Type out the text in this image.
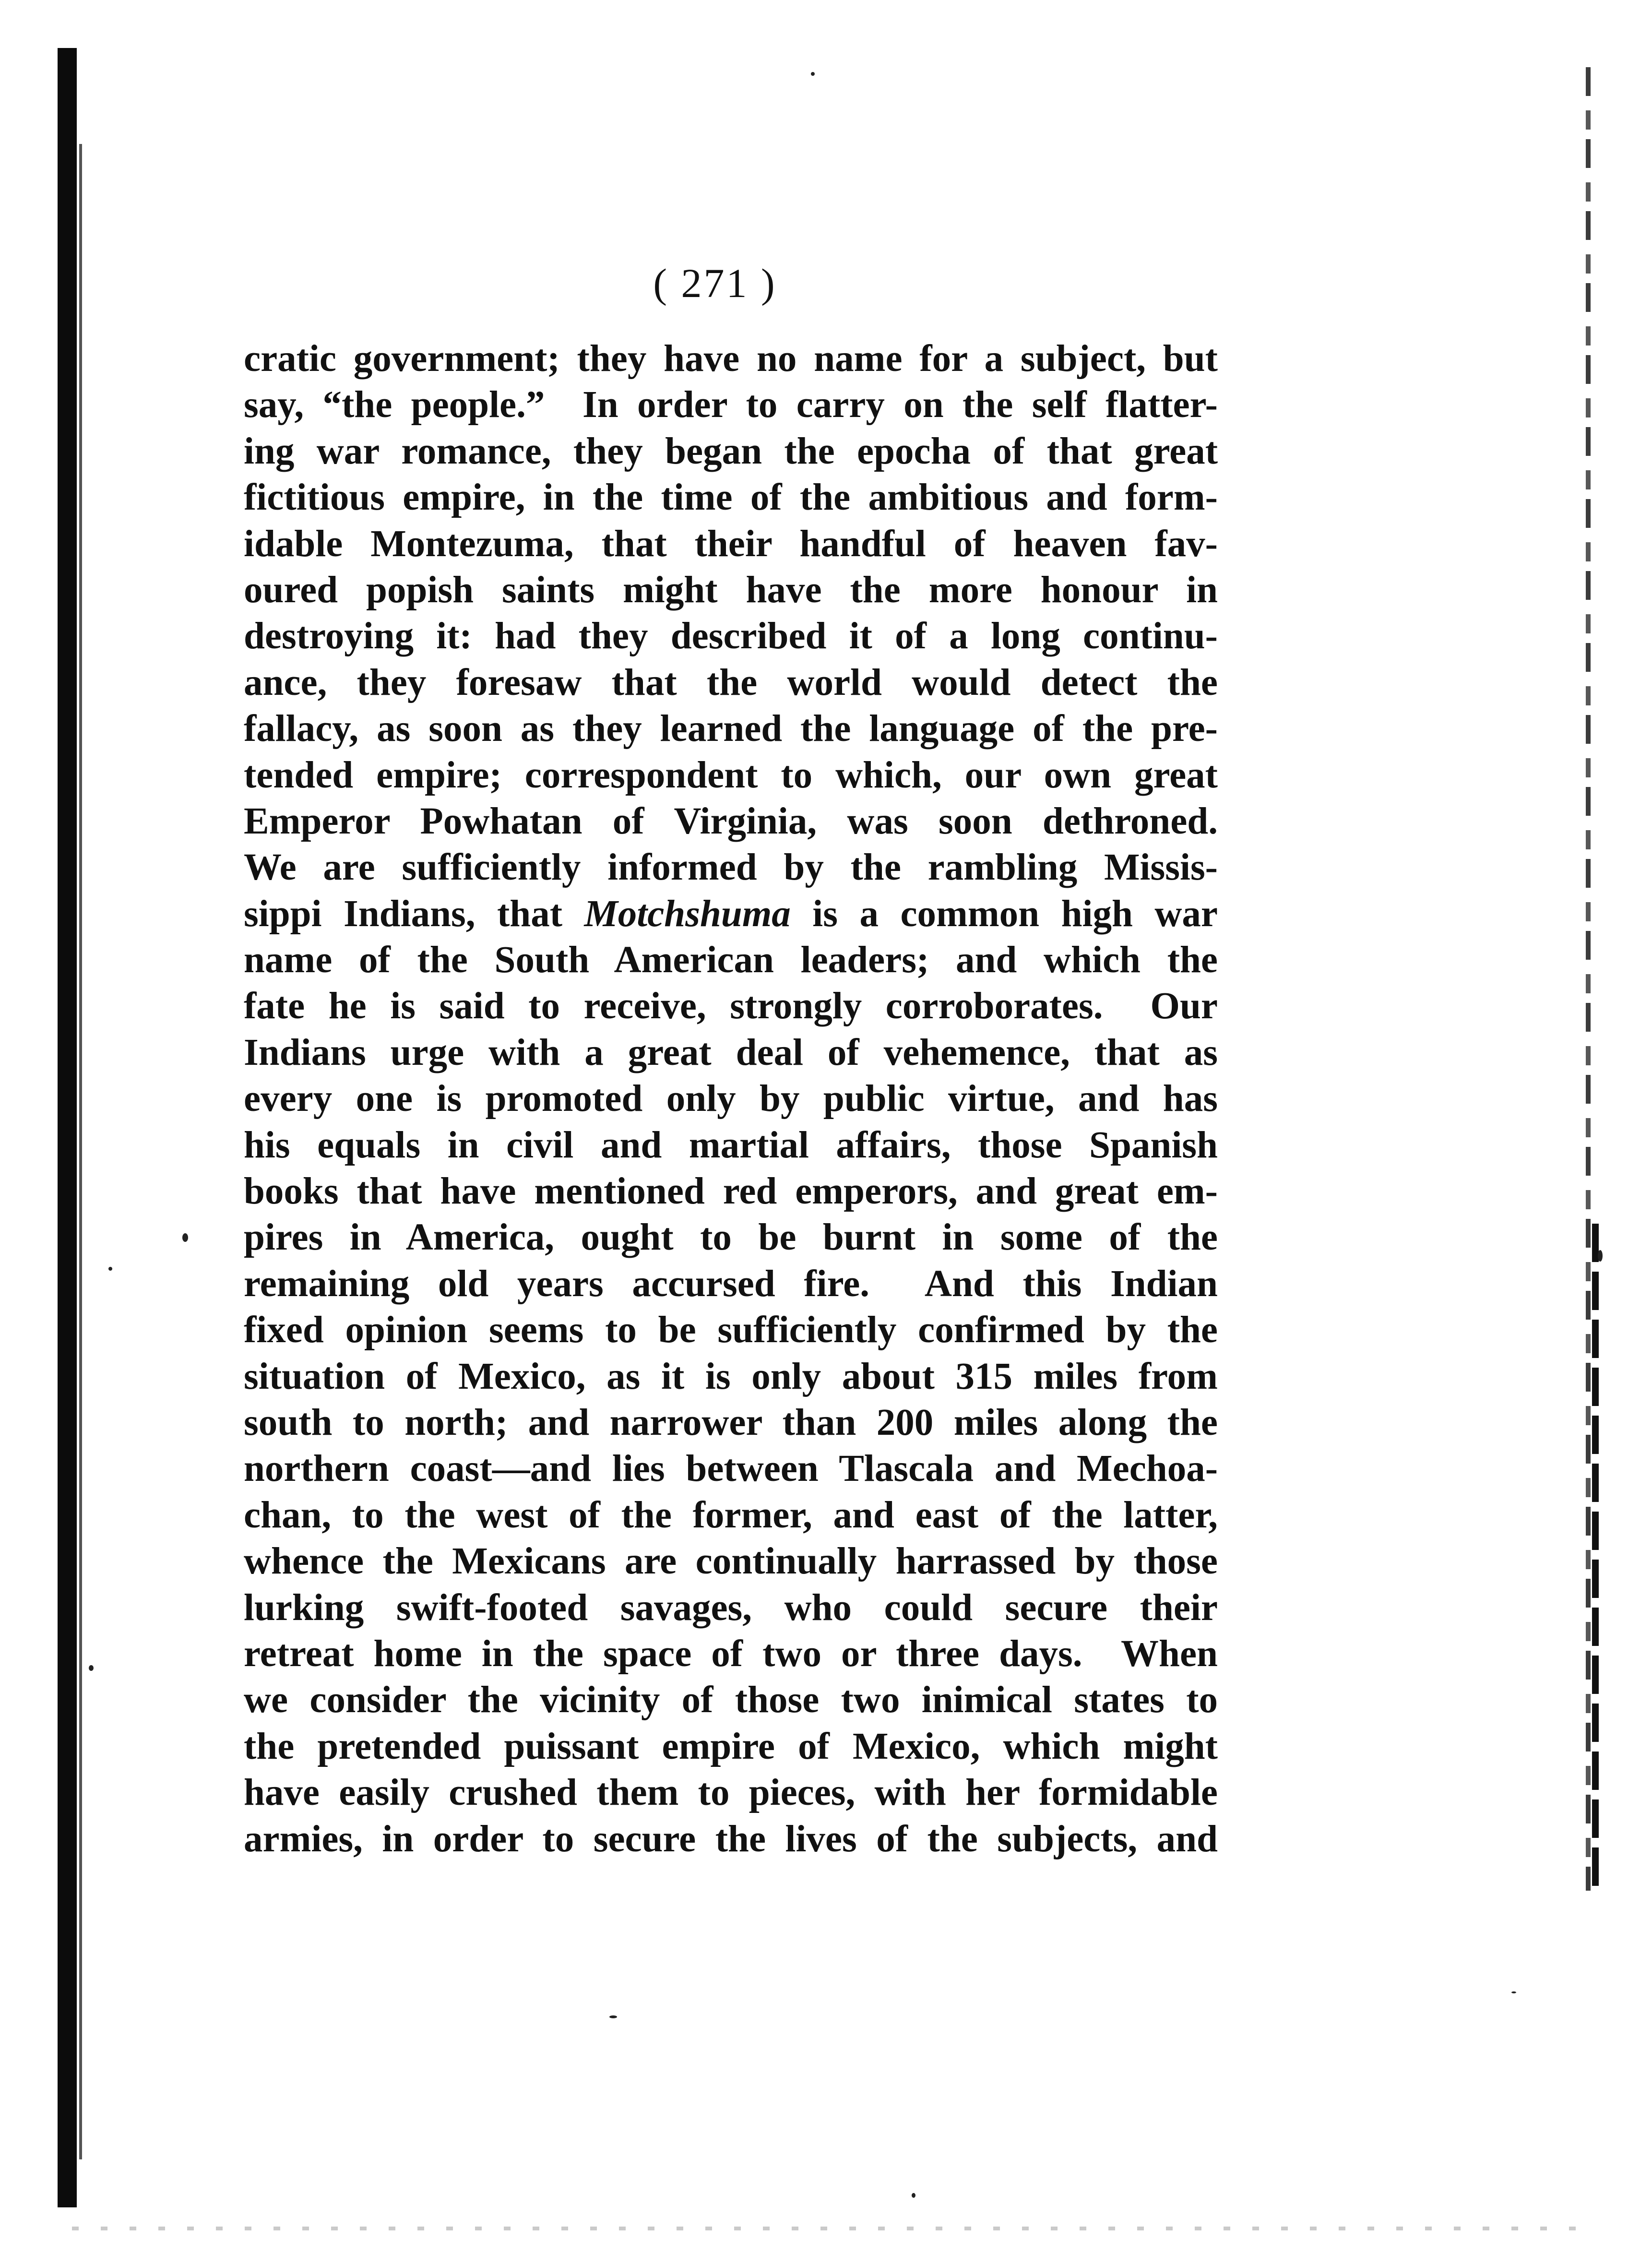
( 271 )
cratic government; they have no name for a subject, but
say, “the people.”  In order to carry on the self flatter-
ing war romance, they began the epocha of that great
fictitious empire, in the time of the ambitious and form-
idable Montezuma, that their handful of heaven fav-
oured popish saints might have the more honour in
destroying it: had they described it of a long continu-
ance, they foresaw that the world would detect the
fallacy, as soon as they learned the language of the pre-
tended empire; correspondent to which, our own great
Emperor Powhatan of Virginia, was soon dethroned.
We are sufficiently informed by the rambling Missis-
sippi Indians, that Motchshuma is a common high war
name of the South American leaders; and which the
fate he is said to receive, strongly corroborates.  Our
Indians urge with a great deal of vehemence, that as
every one is promoted only by public virtue, and has
his equals in civil and martial affairs, those Spanish
books that have mentioned red emperors, and great em-
pires in America, ought to be burnt in some of the
remaining old years accursed fire.  And this Indian
fixed opinion seems to be sufficiently confirmed by the
situation of Mexico, as it is only about 315 miles from
south to north; and narrower than 200 miles along the
northern coast—and lies between Tlascala and Mechoa-
chan, to the west of the former, and east of the latter,
whence the Mexicans are continually harrassed by those
lurking swift-footed savages, who could secure their
retreat home in the space of two or three days.  When
we consider the vicinity of those two inimical states to
the pretended puissant empire of Mexico, which might
have easily crushed them to pieces, with her formidable
armies, in order to secure the lives of the subjects, and
